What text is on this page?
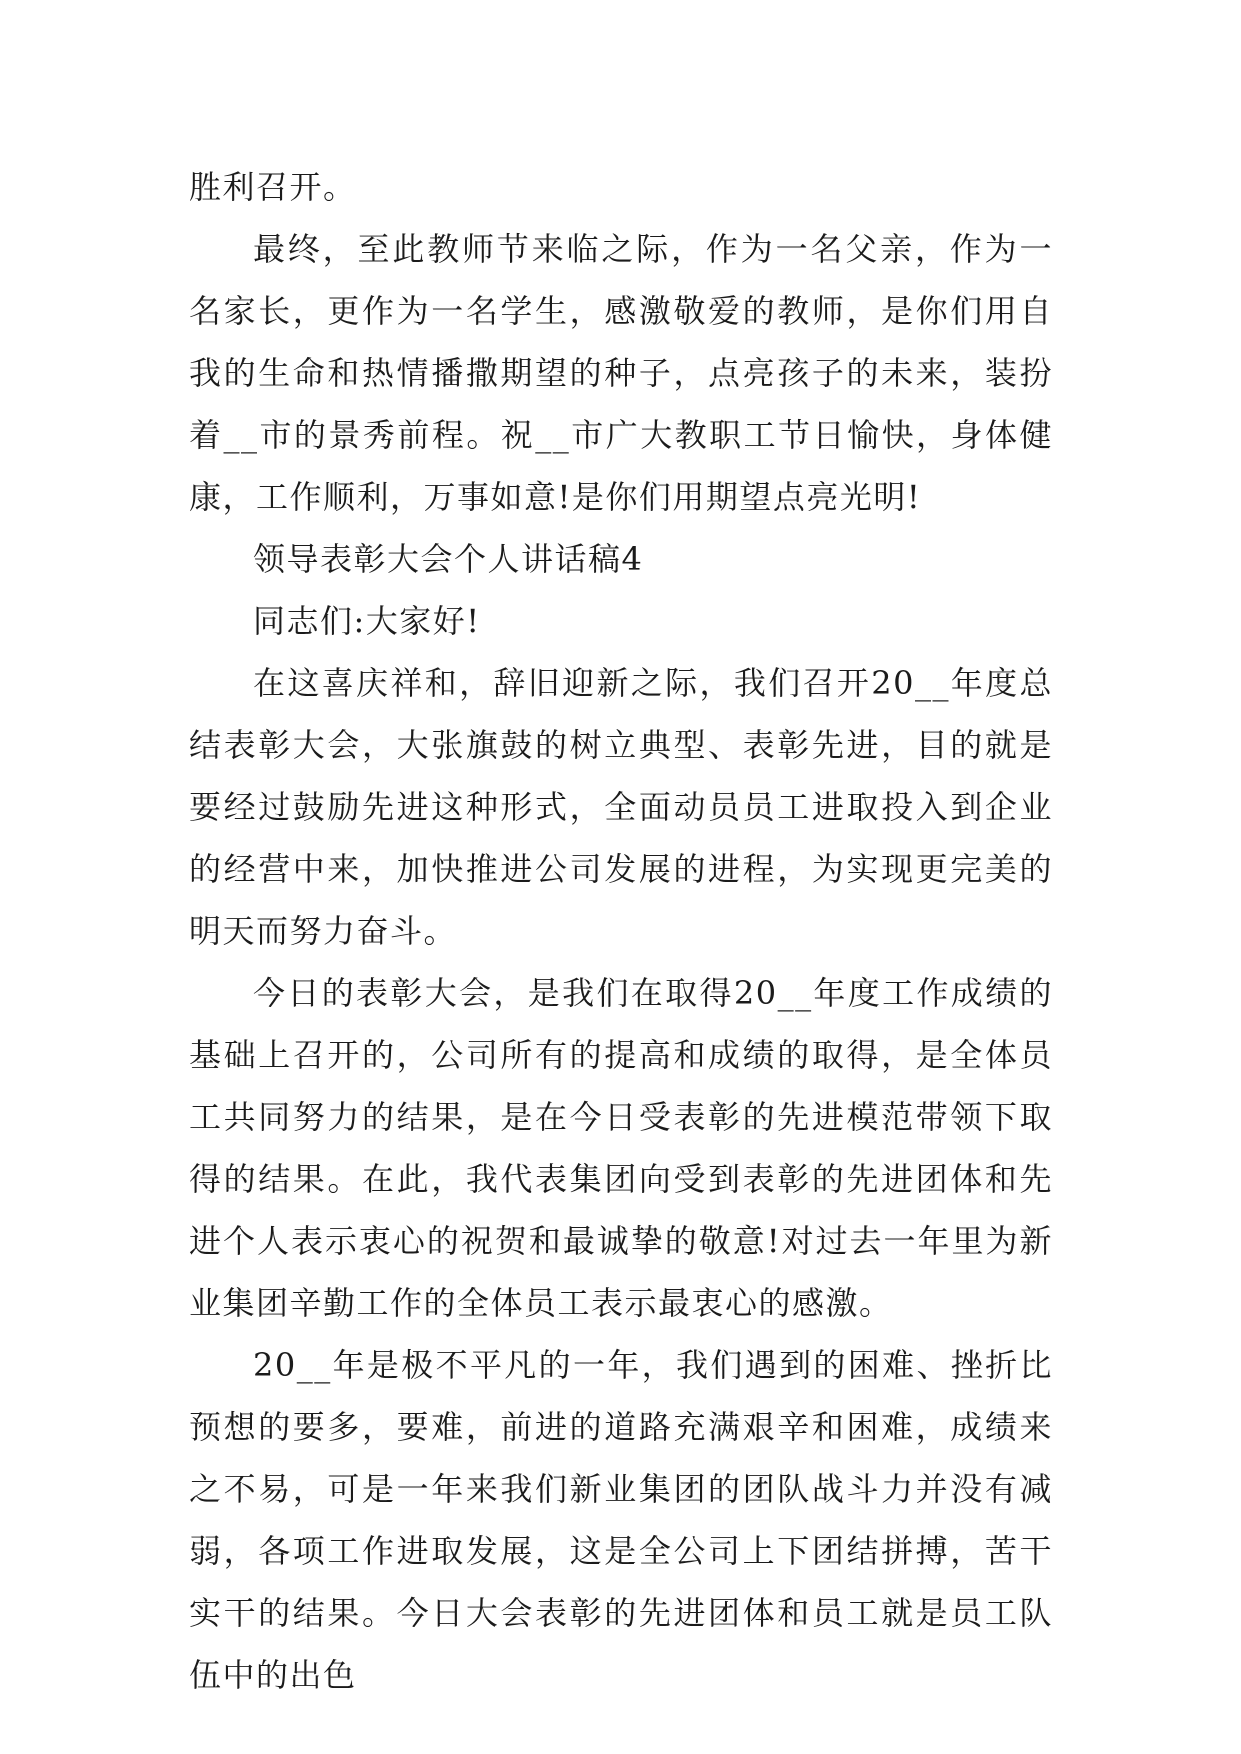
胜利召开。

最终，至此教师节来临之际，作为一名父亲，作为一名家长，更作为一名学生，感激敬爱的教师，是你们用自我的生命和热情播撒期望的种子，点亮孩子的未来，装扮着__市的景秀前程。祝__市广大教职工节日愉快，身体健康，工作顺利，万事如意!是你们用期望点亮光明!

领导表彰大会个人讲话稿4

同志们:大家好!

在这喜庆祥和，辞旧迎新之际，我们召开20__年度总结表彰大会，大张旗鼓的树立典型、表彰先进，目的就是要经过鼓励先进这种形式，全面动员员工进取投入到企业的经营中来，加快推进公司发展的进程，为实现更完美的明天而努力奋斗。

今日的表彰大会，是我们在取得20__年度工作成绩的基础上召开的，公司所有的提高和成绩的取得，是全体员工共同努力的结果，是在今日受表彰的先进模范带领下取得的结果。在此，我代表集团向受到表彰的先进团体和先进个人表示衷心的祝贺和最诚挚的敬意!对过去一年里为新业集团辛勤工作的全体员工表示最衷心的感激。

20__年是极不平凡的一年，我们遇到的困难、挫折比预想的要多，要难，前进的道路充满艰辛和困难，成绩来之不易，可是一年来我们新业集团的团队战斗力并没有减弱，各项工作进取发展，这是全公司上下团结拼搏，苦干实干的结果。今日大会表彰的先进团体和员工就是员工队伍中的出色
